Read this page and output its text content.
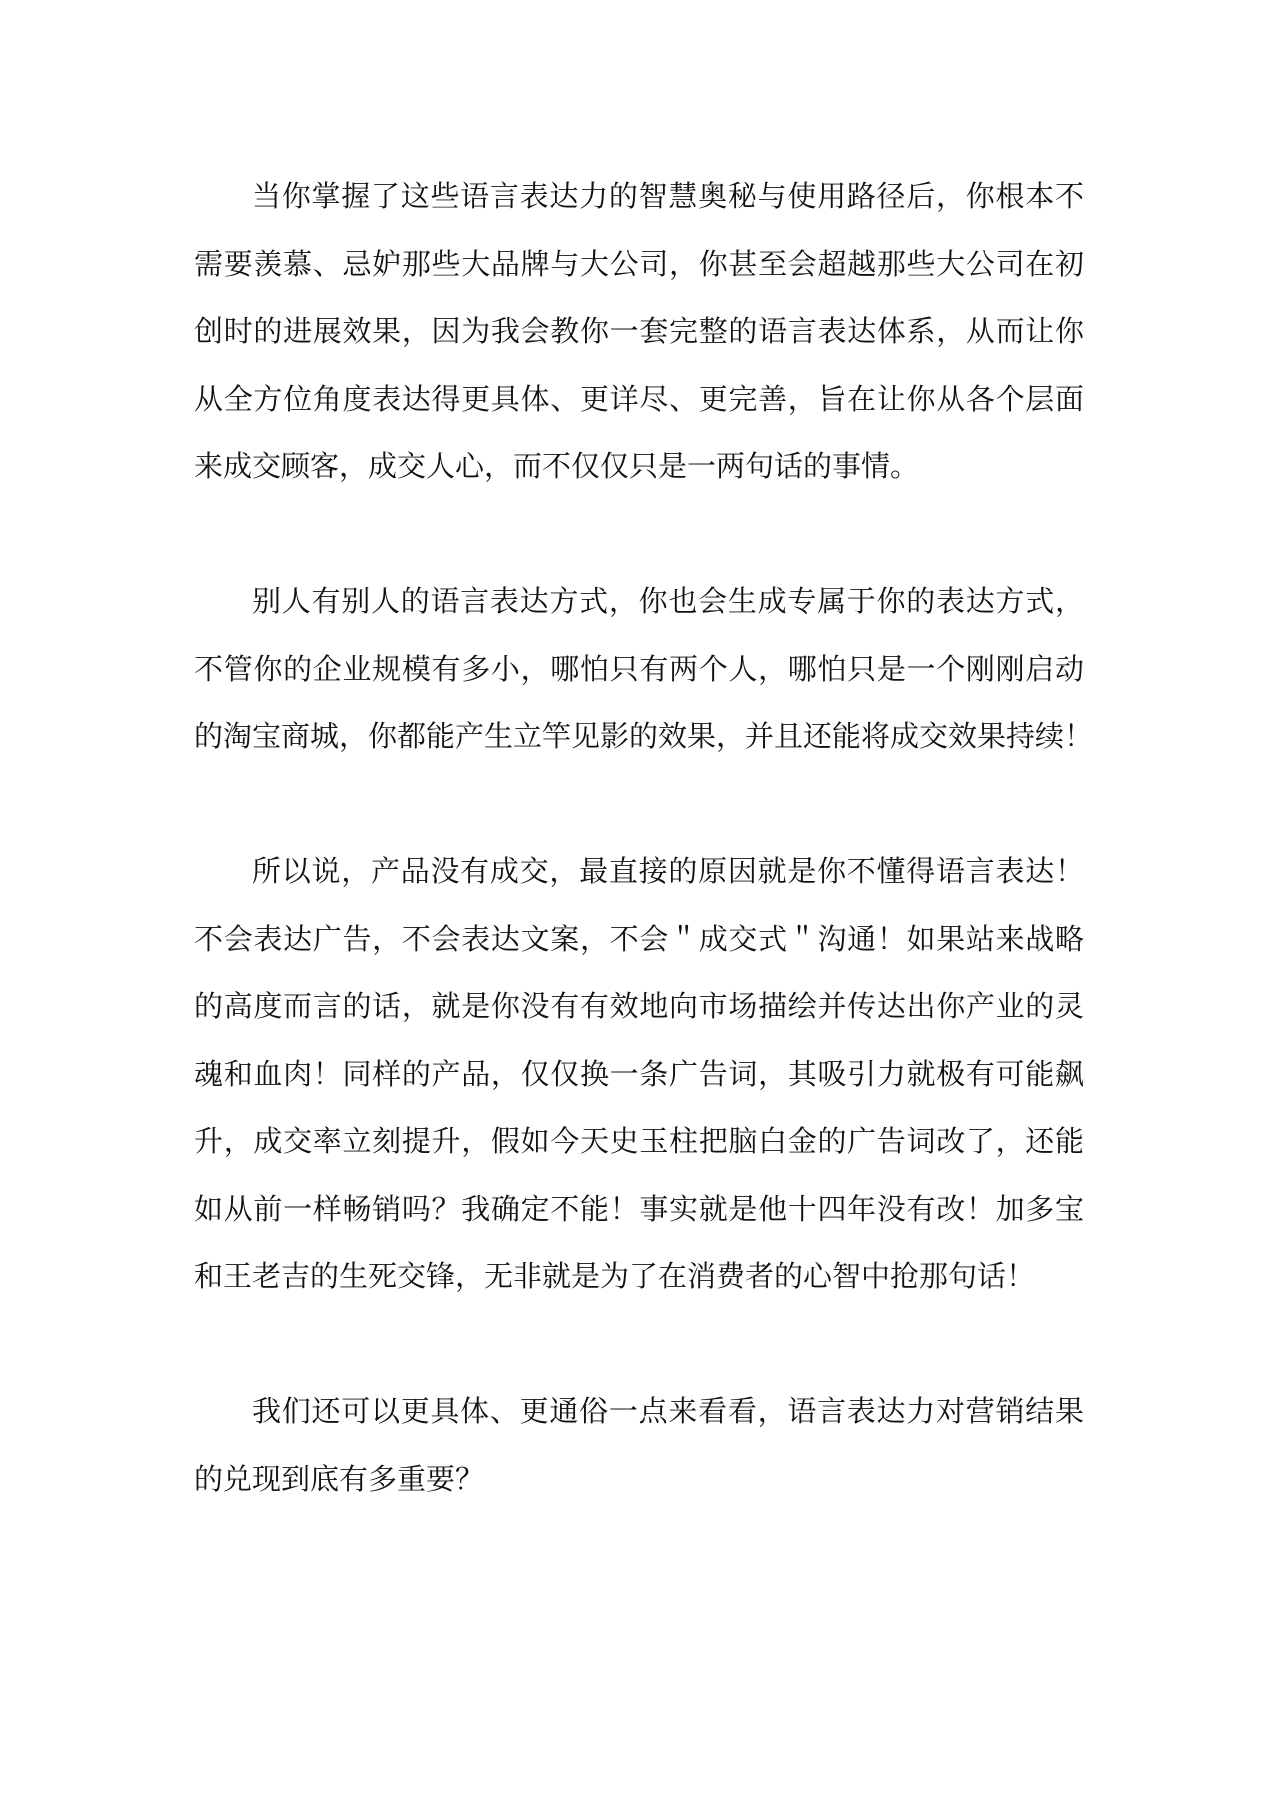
当你掌握了这些语言表达力的智慧奥秘与使用路径后，你根本不
需要羡慕、忌妒那些大品牌与大公司，你甚至会超越那些大公司在初
创时的进展效果，因为我会教你一套完整的语言表达体系，从而让你
从全方位角度表达得更具体、更详尽、更完善，旨在让你从各个层面
来成交顾客，成交人心，而不仅仅只是一两句话的事情。
别人有别人的语言表达方式，你也会生成专属于你的表达方式，
不管你的企业规模有多小，哪怕只有两个人，哪怕只是一个刚刚启动
的淘宝商城，你都能产生立竿见影的效果，并且还能将成交效果持续！
所以说，产品没有成交，最直接的原因就是你不懂得语言表达！
不会表达广告，不会表达文案，不会＂成交式＂沟通！如果站来战略
的高度而言的话，就是你没有有效地向市场描绘并传达出你产业的灵
魂和血肉！同样的产品，仅仅换一条广告词，其吸引力就极有可能飙
升，成交率立刻提升，假如今天史玉柱把脑白金的广告词改了，还能
如从前一样畅销吗？我确定不能！事实就是他十四年没有改！加多宝
和王老吉的生死交锋，无非就是为了在消费者的心智中抢那句话！
我们还可以更具体、更通俗一点来看看，语言表达力对营销结果
的兑现到底有多重要？
